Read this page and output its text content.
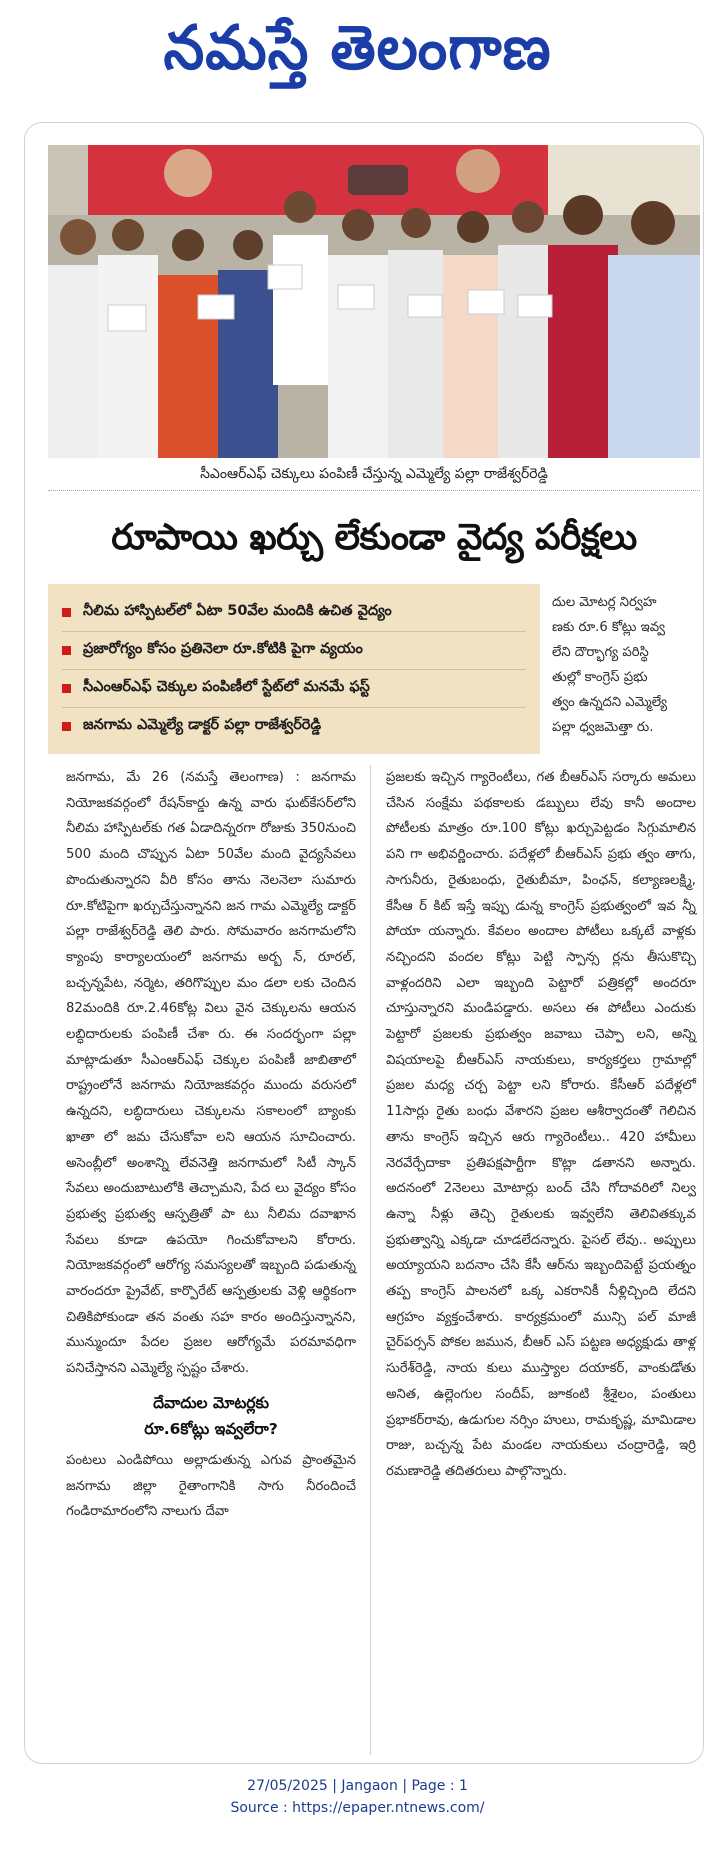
నమస్తే తెలంగాణ
సీఎంఆర్ఎఫ్ చెక్కులు పంపిణీ చేస్తున్న ఎమ్మెల్యే పల్లా రాజేశ్వర్‌రెడ్డి
రూపాయి ఖర్చు లేకుండా వైద్య పరీక్షలు
నీలిమ హాస్పిటల్‌లో ఏటా 50వేల మందికి ఉచిత వైద్యం
ప్రజారోగ్యం కోసం ప్రతినెలా రూ.కోటికి పైగా వ్యయం
సీఎంఆర్‌ఎఫ్‌ చెక్కుల పంపిణీలో స్టేట్‌లో మనమే ఫస్ట్‌
జనగామ ఎమ్మెల్యే డాక్టర్ పల్లా రాజేశ్వర్‌రెడ్డి

దుల మోటర్ల నిర్వహ
ణకు రూ.6 కోట్లు ఇవ్వ
లేని దౌర్భాగ్య పరిస్థి
తుల్లో కాంగ్రెస్ ప్రభు
త్వం ఉన్నదని ఎమ్మెల్యే
పల్లా ధ్వజమెత్తా రు.

జనగామ, మే 26 (నమస్తే తెలంగాణ) : జనగామ నియోజకవర్గంలో రేషన్‌కార్డు ఉన్న వారు ఘట్‌కేసర్‌లోని నీలిమ హాస్పిటల్‌కు గత ఏడాదిన్నరగా రోజుకు 350నుంచి 500 మంది చొప్పున ఏటా 50వేల మంది వైద్యసేవలు పొందుతున్నారని వీరి కోసం తాను నెలనెలా సుమారు రూ.కోటిపైగా ఖర్చుచేస్తున్నానని జన గామ ఎమ్మెల్యే డాక్టర్ పల్లా రాజేశ్వర్‌రెడ్డి తెలి పారు. సోమవారం జనగామలోని క్యాంపు కార్యాలయంలో జనగామ అర్బ న్, రూరల్, బచ్చన్నపేట, నర్మెట, తరిగొప్పుల మం డలా లకు చెందిన 82మందికి రూ.2.46కోట్ల విలు వైన చెక్కులను ఆయన లబ్ధిదారులకు పంపిణీ చేశా రు. ఈ సందర్భంగా పల్లా మాట్లాడుతూ సీఎంఆర్‌ఎఫ్ చెక్కుల పంపిణీ జాబితాలో రాష్ట్రంలోనే జనగామ నియోజకవర్గం ముందు వరుసలో ఉన్నదని, లబ్ధిదారులు చెక్కులను సకాలంలో బ్యాంకు ఖాతా లో జమ చేసుకోవా లని ఆయన సూచించారు. అసెంబ్లీలో అంశాన్ని లేవనెత్తి జనగామలో సిటీ స్కాన్ సేవలు అందుబాటులోకి తెచ్చామని, పేద లు వైద్యం కోసం ప్రభుత్వ ప్రభుత్వ ఆస్పత్రితో పా టు నీలిమ దవాఖాన సేవలు కూడా ఉపయో గించుకోవాలని కోరారు. నియోజకవర్గంలో ఆరోగ్య సమస్యలతో ఇబ్బంది పడుతున్న వారందరూ ప్రైవేట్, కార్పొరేట్ ఆస్పత్రులకు వెళ్లి ఆర్థికంగా చితికిపోకుండా తన వంతు సహ కారం అందిస్తున్నానని, మున్ముందూ పేదల ప్రజల ఆరోగ్యమే పరమావధిగా పనిచేస్తానని ఎమ్మెల్యే స్పష్టం చేశారు.

దేవాదుల మోటర్లకు
రూ.6కోట్లు ఇవ్వలేరా?

పంటలు ఎండిపోయి అల్లాడుతున్న ఎగువ ప్రాంతమైన జనగామ జిల్లా రైతాంగానికి సాగు నీరందించే గండిరామారంలోని నాలుగు దేవా

ప్రజలకు ఇచ్చిన గ్యారెంటీలు, గత బీఆర్‌ఎస్ సర్కారు అమలు చేసిన సంక్షేమ పథకాలకు డబ్బులు లేవు కానీ అందాల పోటీలకు మాత్రం రూ.100 కోట్లు ఖర్చుపెట్టడం సిగ్గుమాలిన పని గా అభివర్ణించారు. పదేళ్లలో బీఆర్‌ఎస్ ప్రభు త్వం తాగు, సాగునీరు, రైతుబంధు, రైతుబీమా, పింఛన్, కల్యాణలక్ష్మి, కేసీఆ ర్ కిట్ ఇస్తే ఇప్పు డున్న కాంగ్రెస్ ప్రభుత్వంలో ఇవ న్నీ పోయా యన్నారు. కేవలం అందాల పోటీలు ఒక్కటే వాళ్లకు నచ్చిందని వందల కోట్లు పెట్టి స్పాన్స ర్లను తీసుకొచ్చి వాళ్లందరిని ఎలా ఇబ్బంది పెట్టారో పత్రికల్లో అందరూ చూస్తున్నారని మండిపడ్డారు. అసలు ఈ పోటీలు ఎందుకు పెట్టారో ప్రజలకు ప్రభుత్వం జవాబు చెప్పా లని, అన్ని విషయాలపై బీఆర్‌ఎస్ నాయకులు, కార్యకర్తలు గ్రామాల్లో ప్రజల మధ్య చర్చ పెట్టా లని కోరారు. కేసీఆర్ పదేళ్లలో 11సార్లు రైతు బంధు వేశారని ప్రజల ఆశీర్వాదంతో గెలిచిన తాను కాంగ్రెస్ ఇచ్చిన ఆరు గ్యారెంటీలు.. 420 హామీలు నెరవేర్చేదాకా ప్రతిపక్షపార్టీగా కొట్లా డతానని అన్నారు. అదనంలో 2నెలలు మోటార్లు బంద్ చేసి గోదావరిలో నిల్వ ఉన్నా నీళ్లు తెచ్చి రైతులకు ఇవ్వలేని తెలివితక్కువ ప్రభుత్వాన్ని ఎక్కడా చూడలేదన్నారు. పైసల్ లేవు.. అప్పులు అయ్యాయని బదనాం చేసి కేసీ ఆర్‌ను ఇబ్బందిపెట్టే ప్రయత్నం తప్ప కాంగ్రెస్ పాలనలో ఒక్క ఎకరానికీ నీళ్లిచ్చింది లేదని ఆగ్రహం వ్యక్తంచేశారు. కార్యక్రమంలో మున్సి పల్ మాజీ చైర్‌పర్సన్ పోకల జమున, బీఆర్ ఎస్ పట్టణ అధ్యక్షుడు తాళ్ల సురేశ్‌రెడ్డి, నాయ కులు ముస్త్యాల దయాకర్, వాంకుడోతు అనిత, ఉల్లెంగుల సందీప్, జూకంటి శ్రీశైలం, పంతులు ప్రభాకర్‌రావు, ఉడుగుల నర్సిం హులు, రామకృష్ణ, మామిడాల రాజు, బచ్చన్న పేట మండల నాయకులు చంద్రారెడ్డి, ఇర్రి రమణారెడ్డి తదితరులు పాల్గొన్నారు.

27/05/2025 | Jangaon | Page : 1
Source : https://epaper.ntnews.com/
